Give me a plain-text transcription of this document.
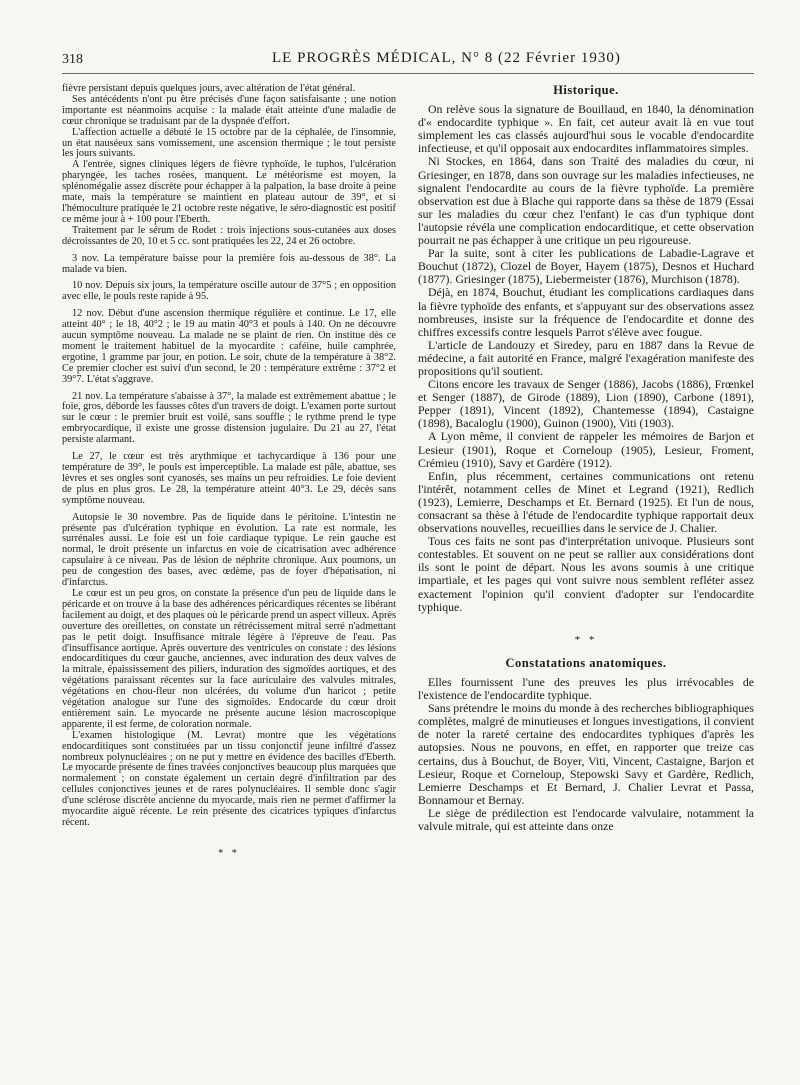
318	LE PROGRÈS MÉDICAL, N° 8 (22 Février 1930)

fièvre persistant depuis quelques jours, avec altération de l'état général.

Ses antécédents n'ont pu être précisés d'une façon satisfaisante ; une notion importante est néanmoins acquise : la malade était atteinte d'une maladie de cœur chronique se traduisant par de la dyspnée d'effort.

L'affection actuelle a débuté le 15 octobre par de la céphalée, de l'insomnie, un état nauséeux sans vomissement, une ascension thermique ; le tout persiste les jours suivants.

A l'entrée, signes cliniques légers de fièvre typhoïde, le tuphos, l'ulcération pharyngée, les taches rosées, manquent. Le météorisme est moyen, la splénomégalie assez discrète pour échapper à la palpation, la base droite à peine mate, mais la température se maintient en plateau autour de 39°, et si l'hémoculture pratiquée le 21 octobre reste négative, le séro-diagnostic est positif ce même jour à + 100 pour l'Eberth.

Traitement par le sérum de Rodet : trois injections sous-cutanées aux doses décroissantes de 20, 10 et 5 cc. sont pratiquées les 22, 24 et 26 octobre.

3 nov. La température baisse pour la première fois au-dessous de 38°. La malade va bien.

10 nov. Depuis six jours, la température oscille autour de 37°5 ; en opposition avec elle, le pouls reste rapide à 95.

12 nov. Début d'une ascension thermique régulière et continue. Le 17, elle atteint 40° ; le 18, 40°2 ; le 19 au matin 40°3 et pouls à 140. On ne découvre aucun symptôme nouveau. La malade ne se plaint de rien. On institue dès ce moment le traitement habituel de la myocardite : caféine, huile camphrée, ergotine, 1 gramme par jour, en potion. Le soir, chute de la température à 38°2. Ce premier clocher est suivi d'un second, le 20 : température extrême : 37°2 et 39°7. L'état s'aggrave.

21 nov. La température s'abaisse à 37°, la malade est extrêmement abattue ; le foie, gros, déborde les fausses côtes d'un travers de doigt. L'examen porte surtout sur le cœur : le premier bruit est voilé, sans souffle ; le rythme prend le type embryocardique, il existe une grosse distension jugulaire. Du 21 au 27, l'état persiste alarmant.

Le 27, le cœur est très arythmique et tachycardique à 136 pour une température de 39°, le pouls est imperceptible. La malade est pâle, abattue, ses lèvres et ses ongles sont cyanosés, ses mains un peu refroidies. Le foie devient de plus en plus gros. Le 28, la température atteint 40°3. Le 29, décès sans symptôme nouveau.

Autopsie le 30 novembre. Pas de liquide dans le péritoine. L'intestin ne présente pas d'ulcération typhique en évolution. La rate est normale, les surrénales aussi. Le foie est un foie cardiaque typique. Le rein gauche est normal, le droit présente un infarctus en voie de cicatrisation avec adhérence capsulaire à ce niveau. Pas de lésion de néphrite chronique. Aux poumons, un peu de congestion des bases, avec œdème, pas de foyer d'hépatisation, ni d'infarctus.

Le cœur est un peu gros, on constate la présence d'un peu de liquide dans le péricarde et on trouve à la base des adhérences péricardiques récentes se libérant facilement au doigt, et des plaques où le péricarde prend un aspect villeux. Après ouverture des oreillettes, on constate un rétrécissement mitral serré n'admettant pas le petit doigt. Insuffisance mitrale légère à l'épreuve de l'eau. Pas d'insuffisance aortique. Après ouverture des ventricules on constate : des lésions endocarditiques du cœur gauche, anciennes, avec induration des deux valves de la mitrale, épaississement des piliers, induration des sigmoïdes aortiques, et des végétations paraissant récentes sur la face auriculaire des valvules mitrales, végétations en chou-fleur non ulcérées, du volume d'un haricot ; petite végétation analogue sur l'une des sigmoïdes. Endocarde du cœur droit entièrement sain. Le myocarde ne présente aucune lésion macroscopique apparente, il est ferme, de coloration normale.

L'examen histologique (M. Levrat) montre que les végétations endocarditiques sont constituées par un tissu conjonctif jeune infiltré d'assez nombreux polynucléaires ; on ne put y mettre en évidence des bacilles d'Eberth. Le myocarde présente de fines travées conjonctives beaucoup plus marquées que normalement ; on constate également un certain degré d'infiltration par des cellules conjonctives jeunes et de rares polynucléaires. Il semble donc s'agir d'une sclérose discrète ancienne du myocarde, mais rien ne permet d'affirmer la myocardite aiguë récente. Le rein présente des cicatrices typiques d'infarctus récent.

* *
Historique.

On relève sous la signature de Bouillaud, en 1840, la dénomination d'« endocardite typhique ». En fait, cet auteur avait là en vue tout simplement les cas classés aujourd'hui sous le vocable d'endocardite infectieuse, et qu'il opposait aux endocardites inflammatoires simples.

Ni Stockes, en 1864, dans son Traité des maladies du cœur, ni Griesinger, en 1878, dans son ouvrage sur les maladies infectieuses, ne signalent l'endocardite au cours de la fièvre typhoïde. La première observation est due à Blache qui rapporte dans sa thèse de 1879 (Essai sur les maladies du cœur chez l'enfant) le cas d'un typhique dont l'autopsie révéla une complication endocarditique, et cette observation pourrait ne pas échapper à une critique un peu rigoureuse.

Par la suite, sont à citer les publications de Labadie-Lagrave et Bouchut (1872), Clozel de Boyer, Hayem (1875), Desnos et Huchard (1877). Griesinger (1875), Liebermeister (1876), Murchison (1878).

Déjà, en 1874, Bouchut, étudiant les complications cardiaques dans la fièvre typhoïde des enfants, et s'appuyant sur des observations assez nombreuses, insiste sur la fréquence de l'endocardite et donne des chiffres excessifs contre lesquels Parrot s'élève avec fougue.

L'article de Landouzy et Siredey, paru en 1887 dans la Revue de médecine, a fait autorité en France, malgré l'exagération manifeste des propositions qu'il soutient.

Citons encore les travaux de Senger (1886), Jacobs (1886), Frœnkel et Senger (1887), de Girode (1889), Lion (1890), Carbone (1891), Pepper (1891), Vincent (1892), Chantemesse (1894), Castaigne (1898), Bacaloglu (1900), Guinon (1900), Viti (1903).

A Lyon même, il convient de rappeler les mémoires de Barjon et Lesieur (1901), Roque et Corneloup (1905), Lesieur, Froment, Crémieu (1910), Savy et Gardère (1912).

Enfin, plus récemment, certaines communications ont retenu l'intérêt, notamment celles de Minet et Legrand (1921), Redlich (1923), Lemierre, Deschamps et Et. Bernard (1925). Et l'un de nous, consacrant sa thèse à l'étude de l'endocardite typhique rapportait deux observations nouvelles, recueillies dans le service de J. Chalier.

Tous ces faits ne sont pas d'interprétation univoque. Plusieurs sont contestables. Et souvent on ne peut se rallier aux considérations dont ils sont le point de départ. Nous les avons soumis à une critique impartiale, et les pages qui vont suivre nous semblent refléter assez exactement l'opinion qu'il convient d'adopter sur l'endocardite typhique.

* *
Constatations anatomiques.

Elles fournissent l'une des preuves les plus irrévocables de l'existence de l'endocardite typhique.

Sans prétendre le moins du monde à des recherches bibliographiques complètes, malgré de minutieuses et longues investigations, il convient de noter la rareté certaine des endocardites typhiques d'après les autopsies. Nous ne pouvons, en effet, en rapporter que treize cas certains, dus à Bouchut, de Boyer, Viti, Vincent, Castaigne, Barjon et Lesieur, Roque et Corneloup, Stepowski Savy et Gardère, Redlich, Lemierre Deschamps et Et Bernard, J. Chalier Levrat et Passa, Bonnamour et Bernay.

Le siège de prédilection est l'endocarde valvulaire, notamment la valvule mitrale, qui est atteinte dans onze
